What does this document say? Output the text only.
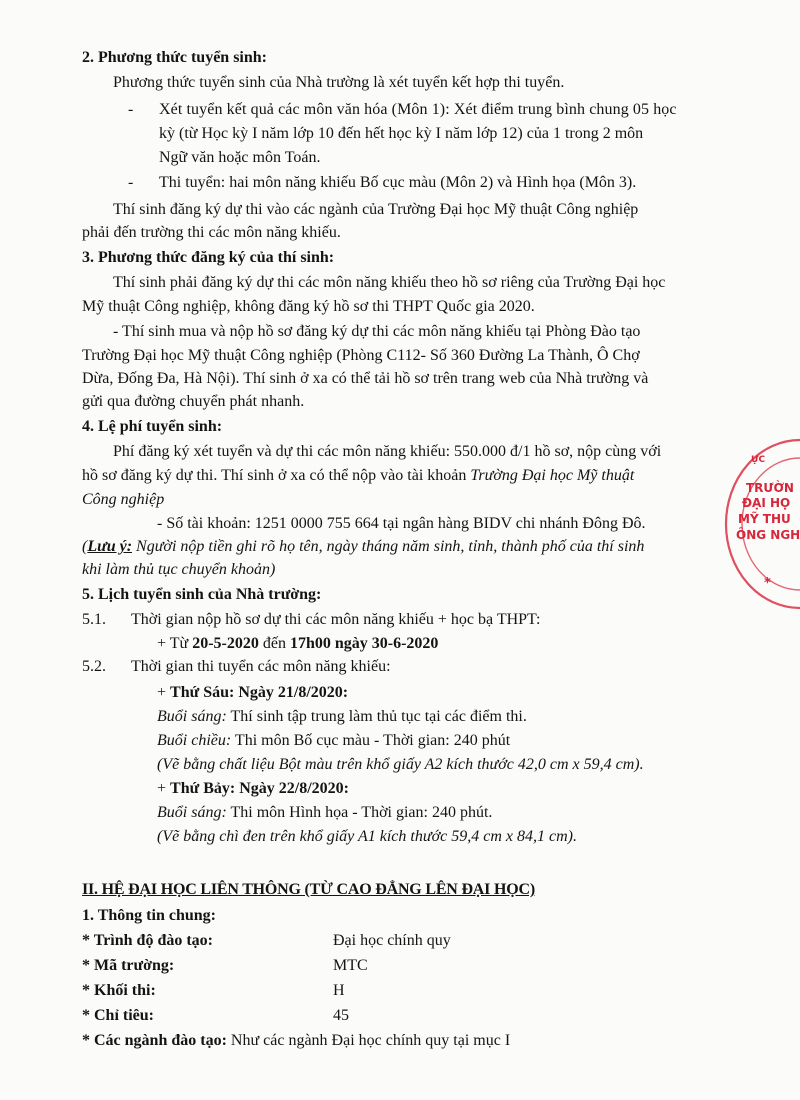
2. Phương thức tuyển sinh:
Phương thức tuyển sinh của Nhà trường là xét tuyển kết hợp thi tuyển.
- Xét tuyển kết quả các môn văn hóa (Môn 1): Xét điểm trung bình chung 05 học
kỳ (từ Học kỳ I năm lớp 10 đến hết học kỳ I năm lớp 12) của 1 trong 2 môn
Ngữ văn hoặc môn Toán.
- Thi tuyển: hai môn năng khiếu Bố cục màu (Môn 2) và Hình họa (Môn 3).
Thí sinh đăng ký dự thi vào các ngành của Trường Đại học Mỹ thuật Công nghiệp
phải đến trường thi các môn năng khiếu.
3. Phương thức đăng ký của thí sinh:
Thí sinh phải đăng ký dự thi các môn năng khiếu theo hồ sơ riêng của Trường Đại học
Mỹ thuật Công nghiệp, không đăng ký hồ sơ thi THPT Quốc gia 2020.
- Thí sinh mua và nộp hồ sơ đăng ký dự thi các môn năng khiếu tại Phòng Đào tạo
Trường Đại học Mỹ thuật Công nghiệp (Phòng C112- Số 360 Đường La Thành, Ô Chợ
Dừa, Đống Đa, Hà Nội). Thí sinh ở xa có thể tải hồ sơ trên trang web của Nhà trường và
gửi qua đường chuyển phát nhanh.
4. Lệ phí tuyển sinh:
Phí đăng ký xét tuyển và dự thi các môn năng khiếu: 550.000 đ/1 hồ sơ, nộp cùng với
hồ sơ đăng ký dự thi. Thí sinh ở xa có thể nộp vào tài khoản Trường Đại học Mỹ thuật
Công nghiệp
- Số tài khoản: 1251 0000 755 664 tại ngân hàng BIDV chi nhánh Đông Đô.
(Lưu ý: Người nộp tiền ghi rõ họ tên, ngày tháng năm sinh, tỉnh, thành phố của thí sinh
khi làm thủ tục chuyển khoản)
5. Lịch tuyển sinh của Nhà trường:
5.1. Thời gian nộp hồ sơ dự thi các môn năng khiếu + học bạ THPT:
+ Từ 20-5-2020 đến 17h00 ngày 30-6-2020
5.2. Thời gian thi tuyển các môn năng khiếu:
+ Thứ Sáu: Ngày 21/8/2020:
Buổi sáng: Thí sinh tập trung làm thủ tục tại các điểm thi.
Buổi chiều: Thi môn Bố cục màu - Thời gian: 240 phút
(Vẽ bằng chất liệu Bột màu trên khổ giấy A2 kích thước 42,0 cm x 59,4 cm).
+ Thứ Bảy: Ngày 22/8/2020:
Buổi sáng: Thi môn Hình họa - Thời gian: 240 phút.
(Vẽ bằng chì đen trên khổ giấy A1 kích thước 59,4 cm x 84,1 cm).
II. HỆ ĐẠI HỌC LIÊN THÔNG (TỪ CAO ĐẲNG LÊN ĐẠI HỌC)
1. Thông tin chung:
* Trình độ đào tạo:	Đại học chính quy
* Mã trường:	MTC
* Khối thi:	H
* Chỉ tiêu:	45
* Các ngành đào tạo: Như các ngành Đại học chính quy tại mục I
ỰC
TRƯỜN
ĐẠI HỌ
MỸ THU
ÔNG NGH
*
